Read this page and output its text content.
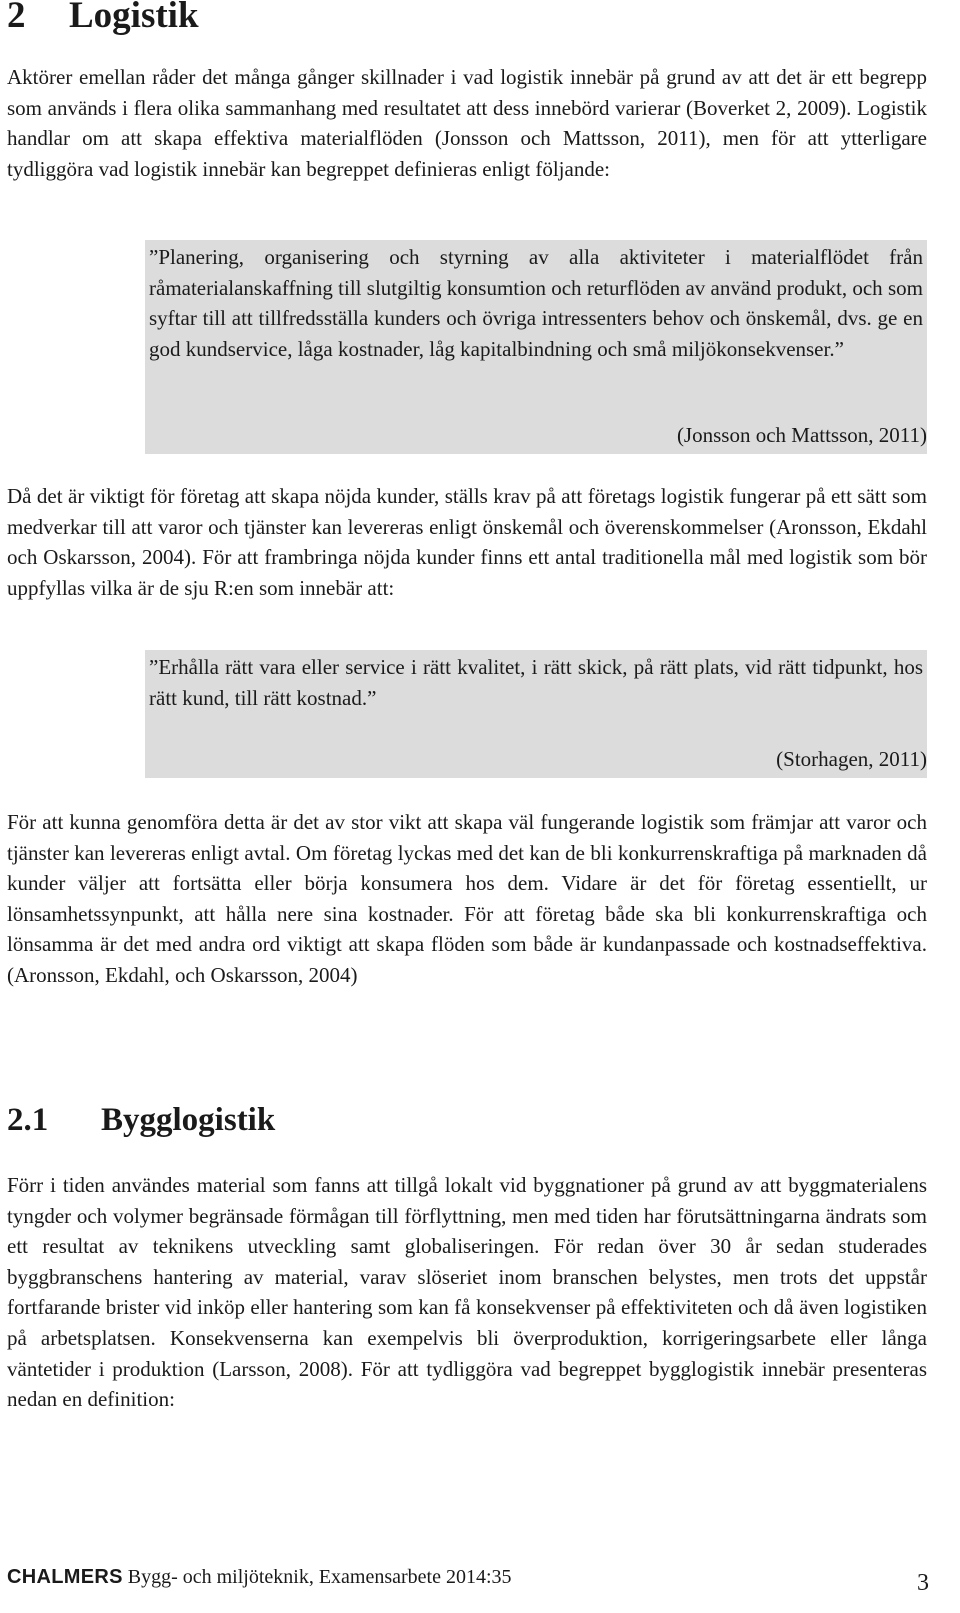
2 Logistik

Aktörer emellan råder det många gånger skillnader i vad logistik innebär på grund av att det är ett begrepp som används i flera olika sammanhang med resultatet att dess innebörd varierar (Boverket 2, 2009). Logistik handlar om att skapa effektiva materialflöden (Jonsson och Mattsson, 2011), men för att ytterligare tydliggöra vad logistik innebär kan begreppet definieras enligt följande:

”Planering, organisering och styrning av alla aktiviteter i materialflödet från råmaterialanskaffning till slutgiltig konsumtion och returflöden av använd produkt, och som syftar till att tillfredsställa kunders och övriga intressenters behov och önskemål, dvs. ge en god kundservice, låga kostnader, låg kapitalbindning och små miljökonsekvenser.”

(Jonsson och Mattsson, 2011)

Då det är viktigt för företag att skapa nöjda kunder, ställs krav på att företags logistik fungerar på ett sätt som medverkar till att varor och tjänster kan levereras enligt önskemål och överenskommelser (Aronsson, Ekdahl och Oskarsson, 2004). För att frambringa nöjda kunder finns ett antal traditionella mål med logistik som bör uppfyllas vilka är de sju R:en som innebär att:

”Erhålla rätt vara eller service i rätt kvalitet, i rätt skick, på rätt plats, vid rätt tidpunkt, hos rätt kund, till rätt kostnad.”

(Storhagen, 2011)

För att kunna genomföra detta är det av stor vikt att skapa väl fungerande logistik som främjar att varor och tjänster kan levereras enligt avtal. Om företag lyckas med det kan de bli konkurrenskraftiga på marknaden då kunder väljer att fortsätta eller börja konsumera hos dem. Vidare är det för företag essentiellt, ur lönsamhetssynpunkt, att hålla nere sina kostnader. För att företag både ska bli konkurrenskraftiga och lönsamma är det med andra ord viktigt att skapa flöden som både är kundanpassade och kostnadseffektiva. (Aronsson, Ekdahl, och Oskarsson, 2004)

2.1 Bygglogistik

Förr i tiden användes material som fanns att tillgå lokalt vid byggnationer på grund av att byggmaterialens tyngder och volymer begränsade förmågan till förflyttning, men med tiden har förutsättningarna ändrats som ett resultat av teknikens utveckling samt globaliseringen. För redan över 30 år sedan studerades byggbranschens hantering av material, varav slöseriet inom branschen belystes, men trots det uppstår fortfarande brister vid inköp eller hantering som kan få konsekvenser på effektiviteten och då även logistiken på arbetsplatsen. Konsekvenserna kan exempelvis bli överproduktion, korrigeringsarbete eller långa väntetider i produktion (Larsson, 2008). För att tydliggöra vad begreppet bygglogistik innebär presenteras nedan en definition:

CHALMERS Bygg- och miljöteknik, Examensarbete 2014:35	3
